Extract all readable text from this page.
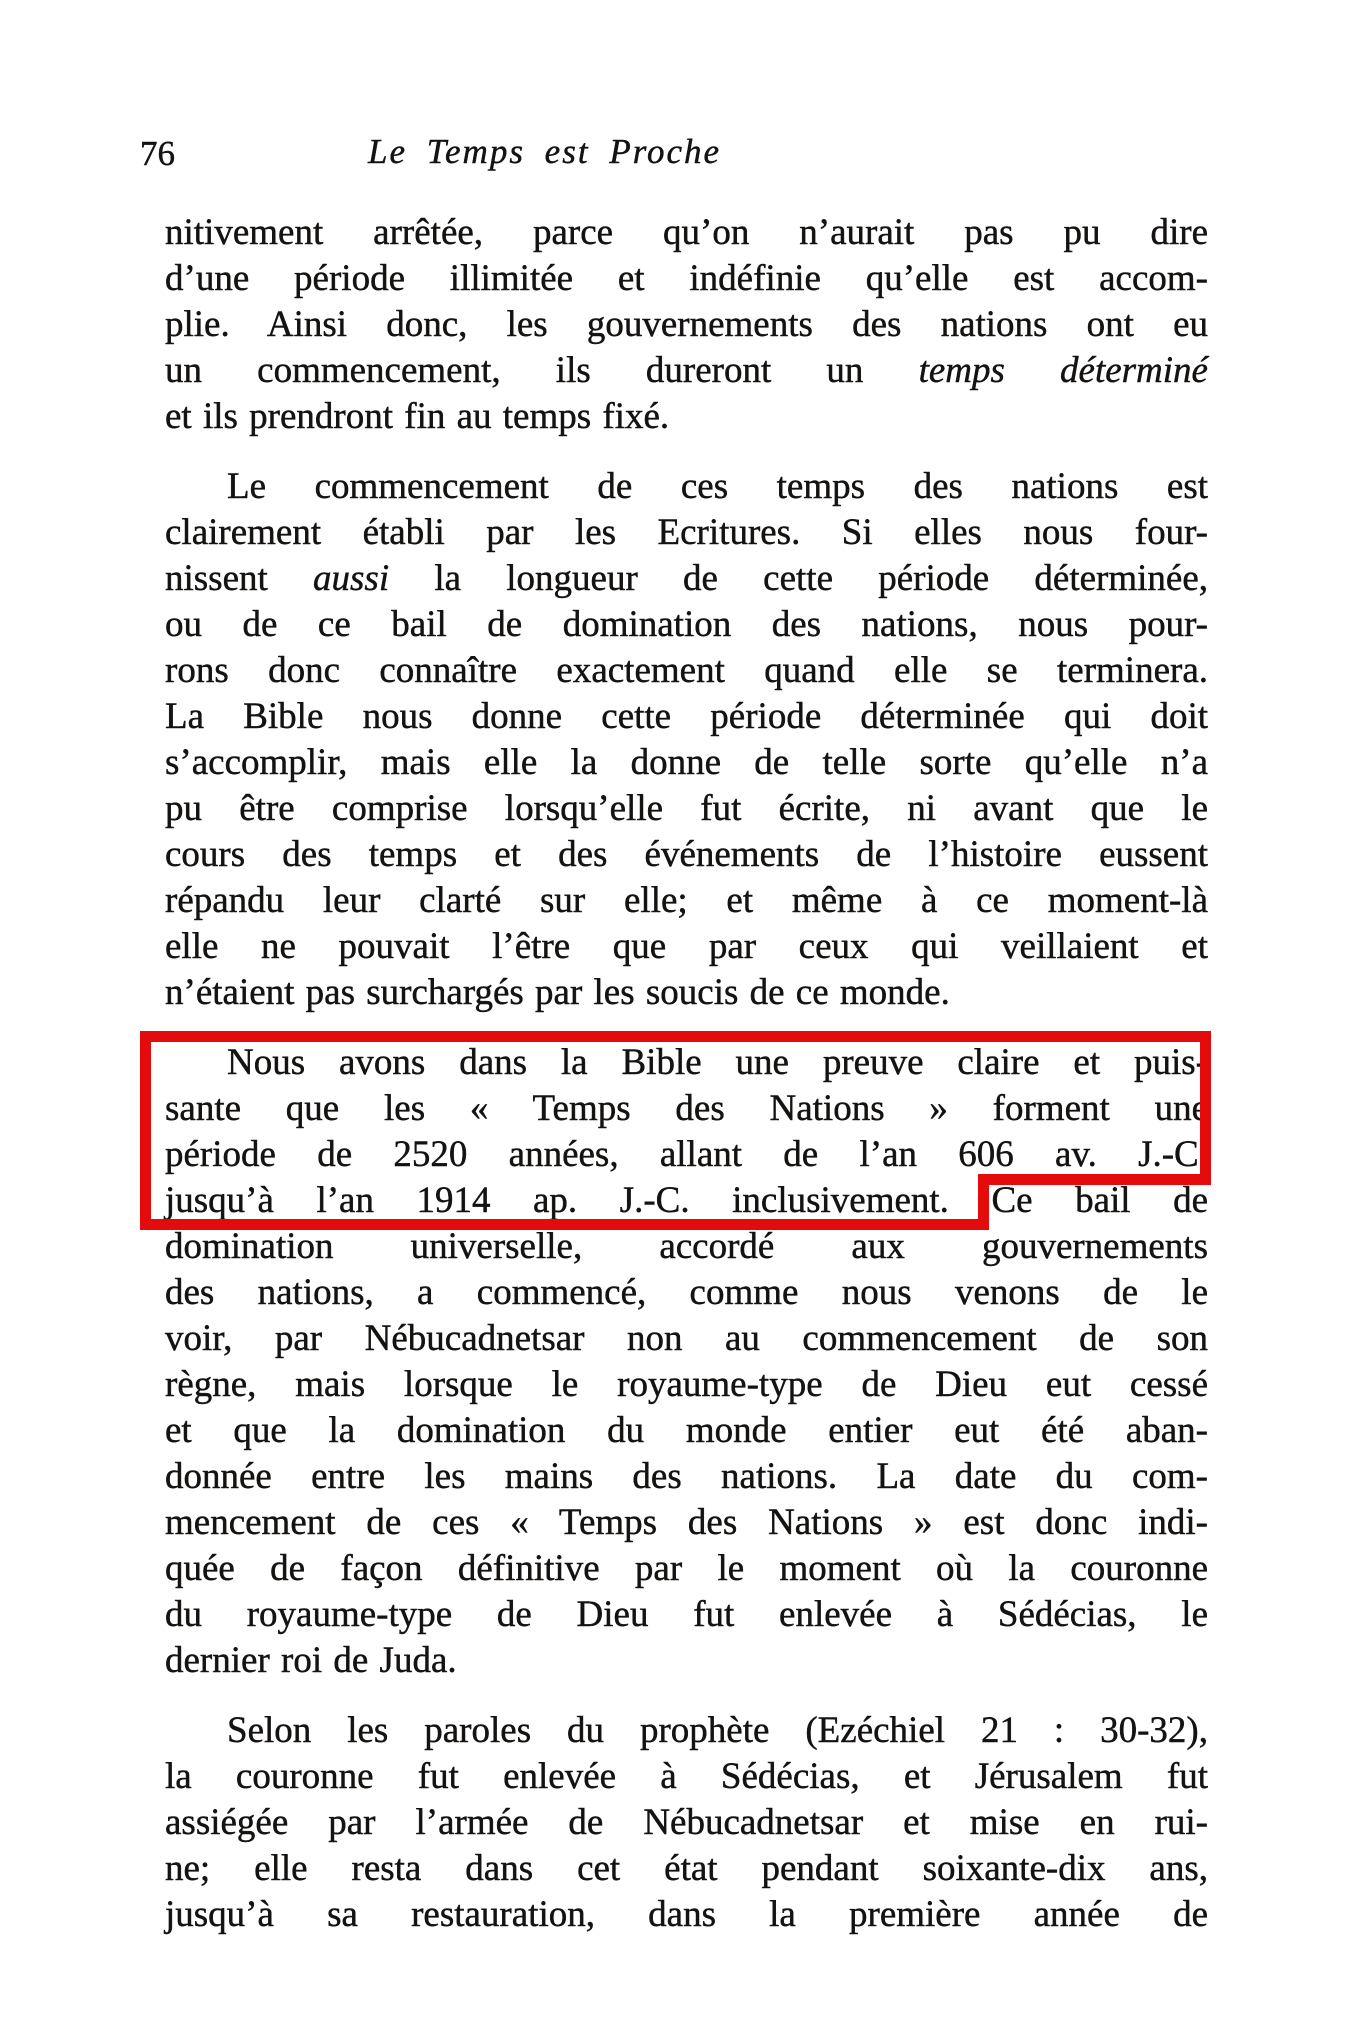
76	Le Temps est Proche
nitivement arrêtée, parce qu’on n’aurait pas pu dire
d’une période illimitée et indéfinie qu’elle est accom-
plie. Ainsi donc, les gouvernements des nations ont eu
un commencement, ils dureront un temps déterminé
et ils prendront fin au temps fixé.
Le commencement de ces temps des nations est
clairement établi par les Ecritures. Si elles nous four-
nissent aussi la longueur de cette période déterminée,
ou de ce bail de domination des nations, nous pour-
rons donc connaître exactement quand elle se terminera.
La Bible nous donne cette période déterminée qui doit
s’accomplir, mais elle la donne de telle sorte qu’elle n’a
pu être comprise lorsqu’elle fut écrite, ni avant que le
cours des temps et des événements de l’histoire eussent
répandu leur clarté sur elle; et même à ce moment-là
elle ne pouvait l’être que par ceux qui veillaient et
n’étaient pas surchargés par les soucis de ce monde.
Nous avons dans la Bible une preuve claire et puis-
sante que les « Temps des Nations » forment une
période de 2520 années, allant de l’an 606 av. J.-C.
jusqu’à l’an 1914 ap. J.-C. inclusivement. Ce bail de
domination universelle, accordé aux gouvernements
des nations, a commencé, comme nous venons de le
voir, par Nébucadnetsar non au commencement de son
règne, mais lorsque le royaume-type de Dieu eut cessé
et que la domination du monde entier eut été aban-
donnée entre les mains des nations. La date du com-
mencement de ces « Temps des Nations » est donc indi-
quée de façon définitive par le moment où la couronne
du royaume-type de Dieu fut enlevée à Sédécias, le
dernier roi de Juda.
Selon les paroles du prophète (Ezéchiel 21 : 30-32),
la couronne fut enlevée à Sédécias, et Jérusalem fut
assiégée par l’armée de Nébucadnetsar et mise en rui-
ne; elle resta dans cet état pendant soixante-dix ans,
jusqu’à sa restauration, dans la première année de
